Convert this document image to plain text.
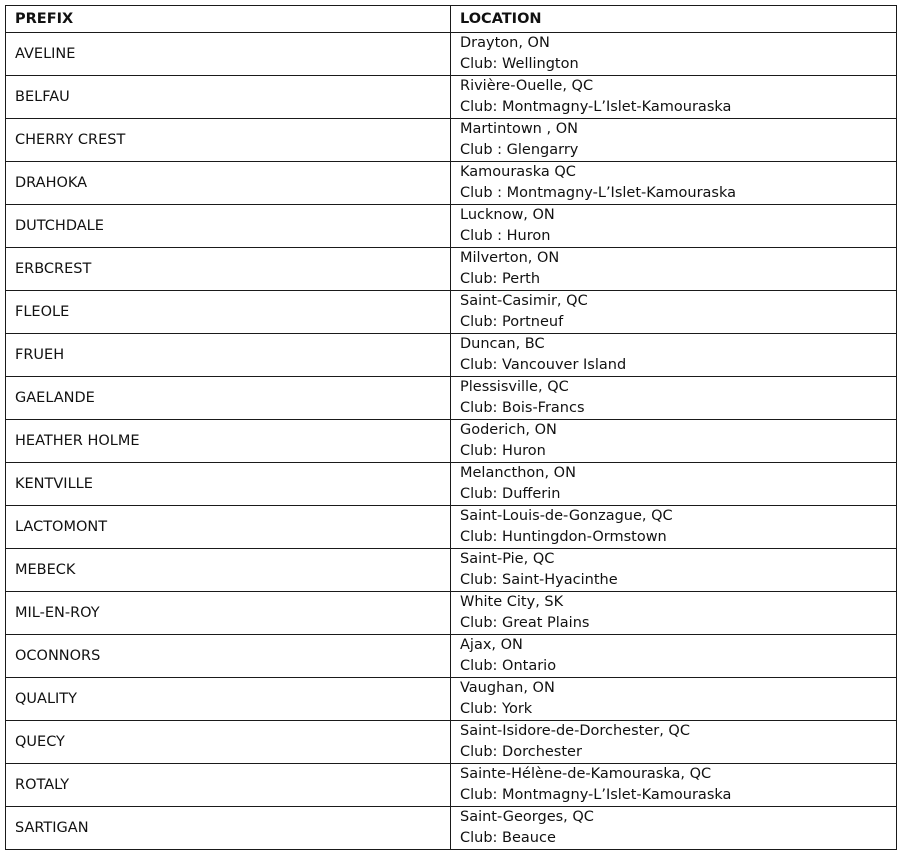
PREFIX	LOCATION
AVELINE	Drayton, ON
Club: Wellington

BELFAU	Rivière-Ouelle, QC
Club: Montmagny-L’Islet-Kamouraska

CHERRY CREST	Martintown , ON
Club : Glengarry

DRAHOKA	Kamouraska QC
Club : Montmagny-L’Islet-Kamouraska

DUTCHDALE	Lucknow, ON
Club : Huron

ERBCREST	Milverton, ON
Club: Perth

FLEOLE	Saint-Casimir, QC
Club: Portneuf

FRUEH	Duncan, BC
Club: Vancouver Island

GAELANDE	Plessisville, QC
Club: Bois-Francs

HEATHER HOLME	Goderich, ON
Club: Huron

KENTVILLE	Melancthon, ON
Club: Dufferin

LACTOMONT	Saint-Louis-de-Gonzague, QC
Club: Huntingdon-Ormstown

MEBECK	Saint-Pie, QC
Club: Saint-Hyacinthe

MIL-EN-ROY	White City, SK
Club: Great Plains

OCONNORS	Ajax, ON
Club: Ontario

QUALITY	Vaughan, ON
Club: York

QUECY	Saint-Isidore-de-Dorchester, QC
Club: Dorchester

ROTALY	Sainte-Hélène-de-Kamouraska, QC
Club: Montmagny-L’Islet-Kamouraska

SARTIGAN	Saint-Georges, QC
Club: Beauce
